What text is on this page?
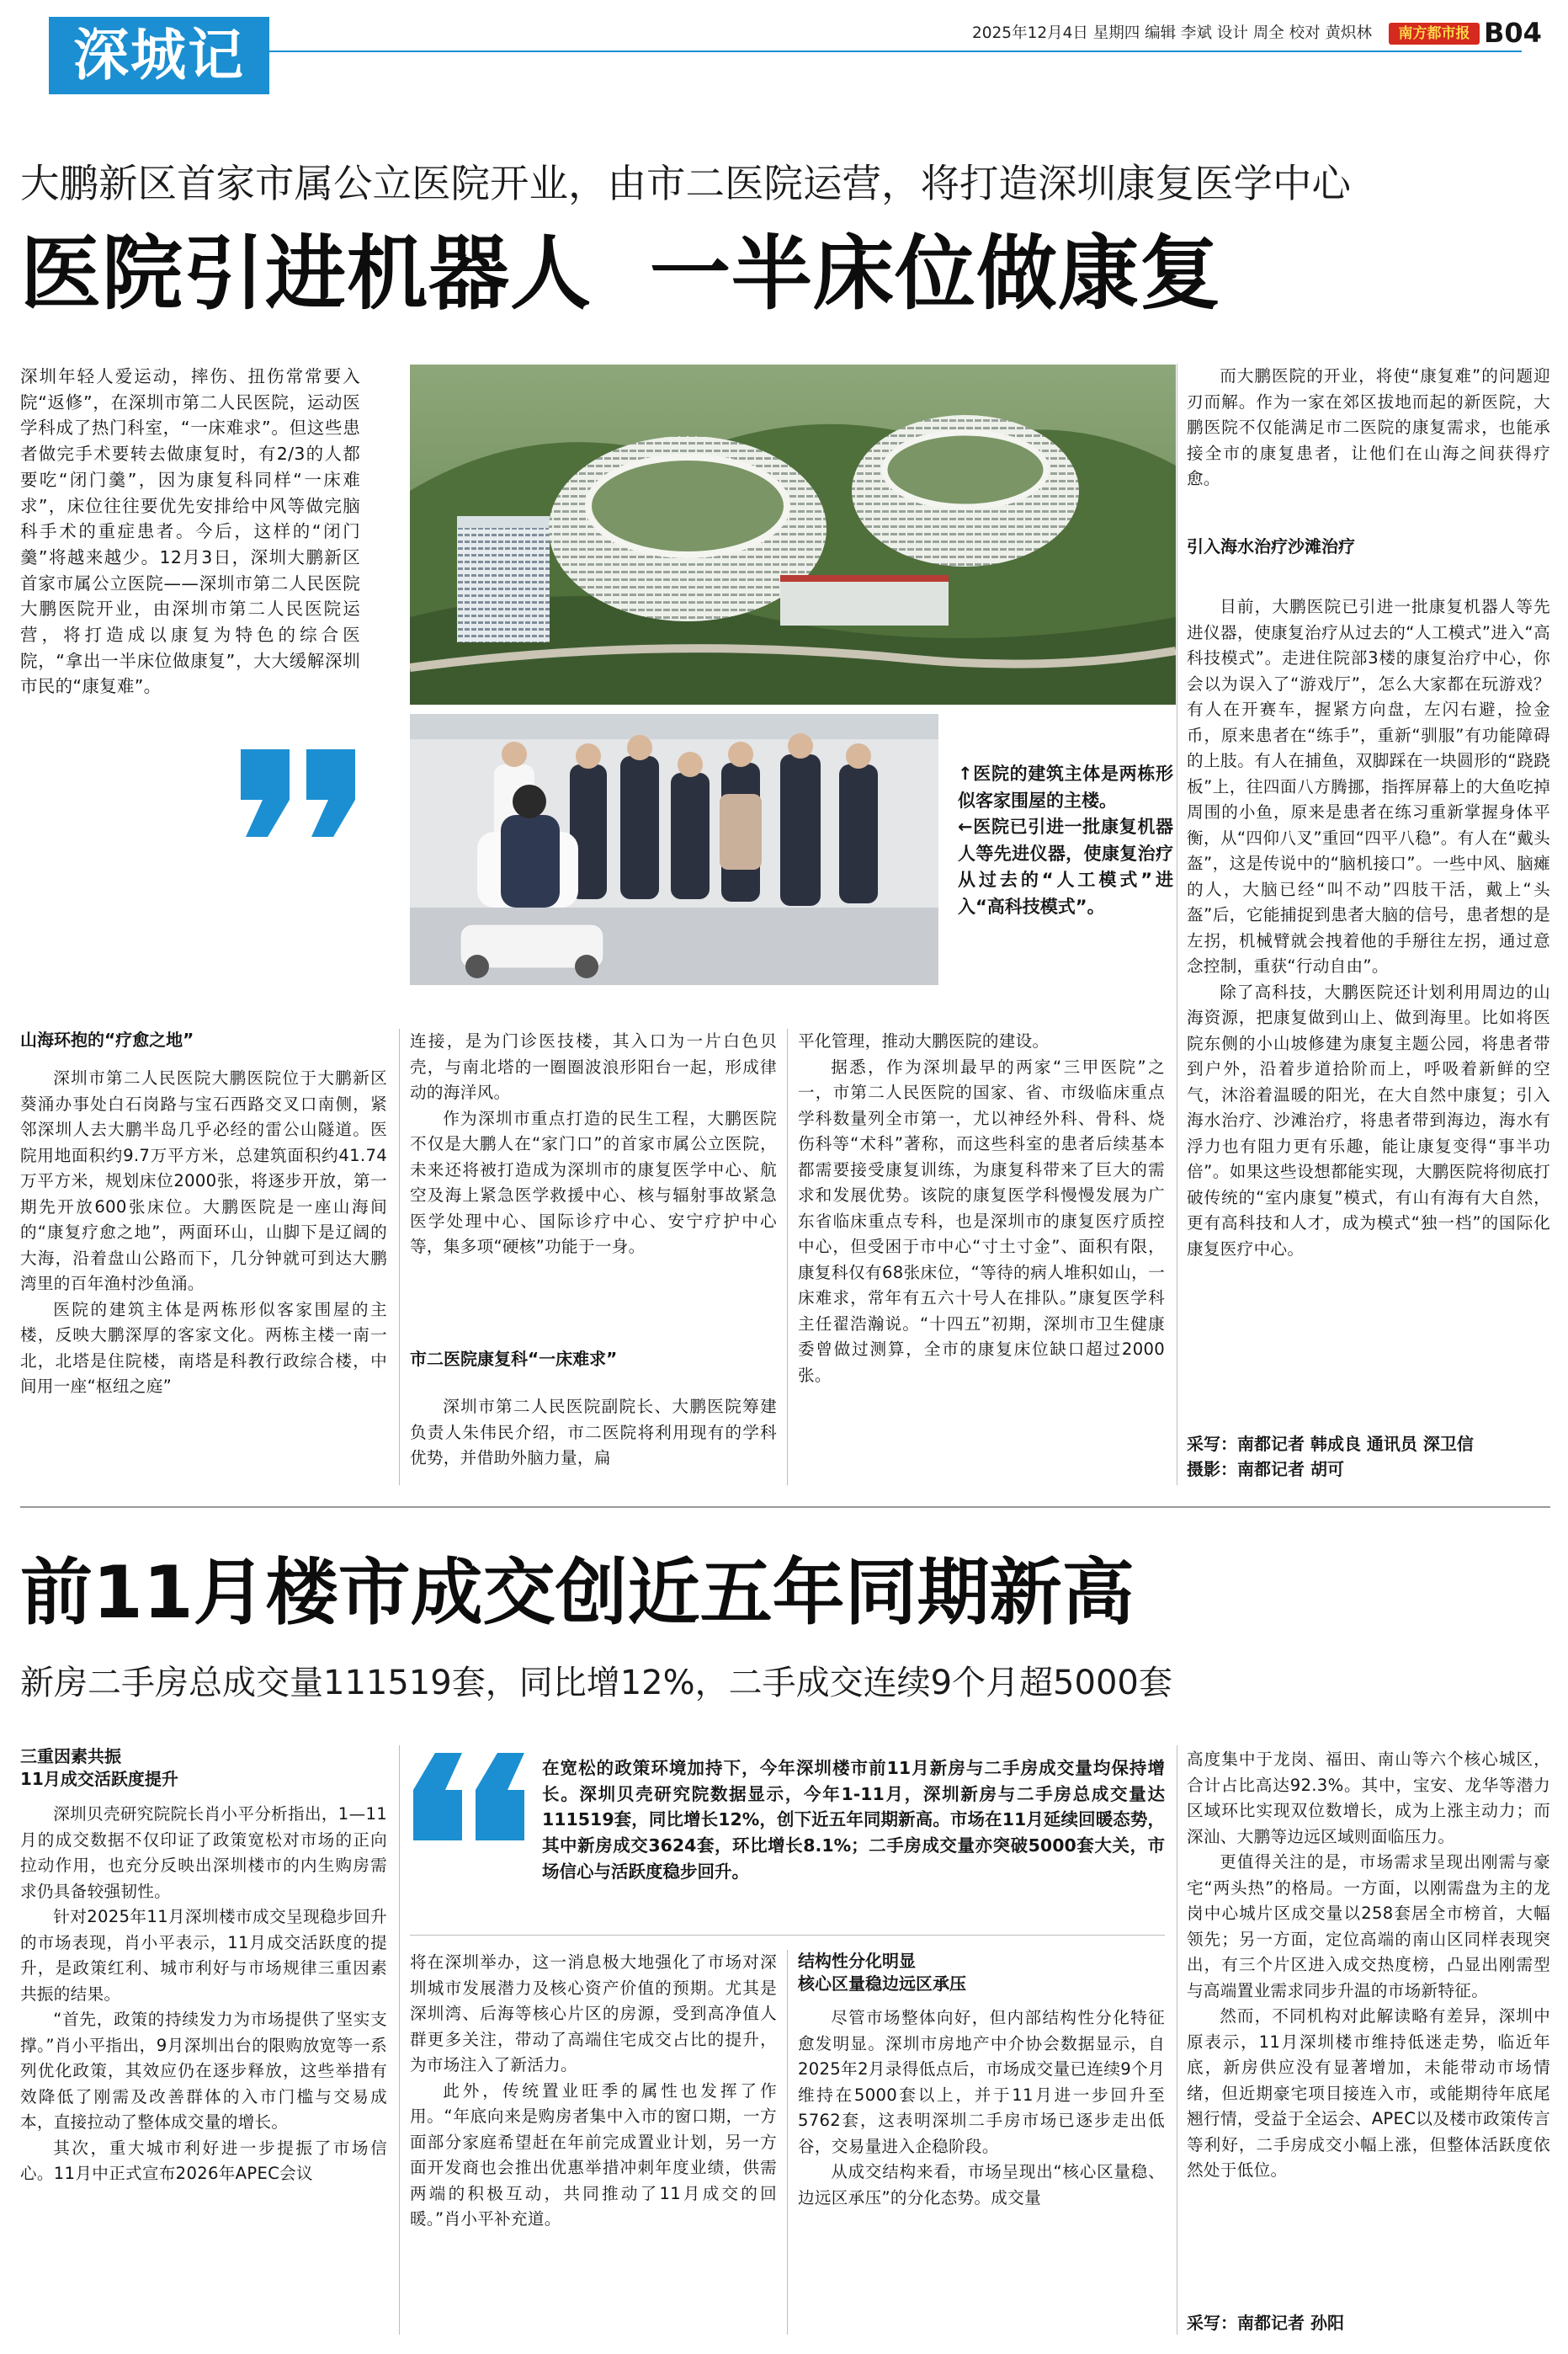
深城记	2025年12月4日 星期四 编辑 李斌 设计 周全 校对 黄炽林	南方都市报 B04
大鹏新区首家市属公立医院开业，由市二医院运营，将打造深圳康复医学中心
医院引进机器人  一半床位做康复

深圳年轻人爱运动，摔伤、扭伤常常要入院“返修”，在深圳市第二人民医院，运动医学科成了热门科室，“一床难求”。但这些患者做完手术要转去做康复时，有2/3的人都要吃“闭门羹”，因为康复科同样“一床难求”，床位往往要优先安排给中风等做完脑科手术的重症患者。今后，这样的“闭门羹”将越来越少。12月3日，深圳大鹏新区首家市属公立医院——深圳市第二人民医院大鹏医院开业，由深圳市第二人民医院运营，将打造成以康复为特色的综合医院，“拿出一半床位做康复”，大大缓解深圳市民的“康复难”。

↑医院的建筑主体是两栋形似客家围屋的主楼。
←医院已引进一批康复机器人等先进仪器，使康复治疗从过去的“人工模式”进入“高科技模式”。
山海环抱的“疗愈之地”

深圳市第二人民医院大鹏医院位于大鹏新区葵涌办事处白石岗路与宝石西路交叉口南侧，紧邻深圳人去大鹏半岛几乎必经的雷公山隧道。医院用地面积约9.7万平方米，总建筑面积约41.74万平方米，规划床位2000张，将逐步开放，第一期先开放600张床位。大鹏医院是一座山海间的“康复疗愈之地”，两面环山，山脚下是辽阔的大海，沿着盘山公路而下，几分钟就可到达大鹏湾里的百年渔村沙鱼涌。

医院的建筑主体是两栋形似客家围屋的主楼，反映大鹏深厚的客家文化。两栋主楼一南一北，北塔是住院楼，南塔是科教行政综合楼，中间用一座“枢纽之庭”

连接，是为门诊医技楼，其入口为一片白色贝壳，与南北塔的一圈圈波浪形阳台一起，形成律动的海洋风。

作为深圳市重点打造的民生工程，大鹏医院不仅是大鹏人在“家门口”的首家市属公立医院，未来还将被打造成为深圳市的康复医学中心、航空及海上紧急医学救援中心、核与辐射事故紧急医学处理中心、国际诊疗中心、安宁疗护中心等，集多项“硬核”功能于一身。

市二医院康复科“一床难求”

深圳市第二人民医院副院长、大鹏医院筹建负责人朱伟民介绍，市二医院将利用现有的学科优势，并借助外脑力量，扁

平化管理，推动大鹏医院的建设。

据悉，作为深圳最早的两家“三甲医院”之一，市第二人民医院的国家、省、市级临床重点学科数量列全市第一，尤以神经外科、骨科、烧伤科等“术科”著称，而这些科室的患者后续基本都需要接受康复训练，为康复科带来了巨大的需求和发展优势。该院的康复医学科慢慢发展为广东省临床重点专科，也是深圳市的康复医疗质控中心，但受困于市中心“寸土寸金”、面积有限，康复科仅有68张床位，“等待的病人堆积如山，一床难求，常年有五六十号人在排队。”康复医学科主任翟浩瀚说。“十四五”初期，深圳市卫生健康委曾做过测算，全市的康复床位缺口超过2000张。

而大鹏医院的开业，将使“康复难”的问题迎刃而解。作为一家在郊区拔地而起的新医院，大鹏医院不仅能满足市二医院的康复需求，也能承接全市的康复患者，让他们在山海之间获得疗愈。

引入海水治疗沙滩治疗

目前，大鹏医院已引进一批康复机器人等先进仪器，使康复治疗从过去的“人工模式”进入“高科技模式”。走进住院部3楼的康复治疗中心，你会以为误入了“游戏厅”，怎么大家都在玩游戏？有人在开赛车，握紧方向盘，左闪右避，捡金币，原来患者在“练手”，重新“驯服”有功能障碍的上肢。有人在捕鱼，双脚踩在一块圆形的“跷跷板”上，往四面八方腾挪，指挥屏幕上的大鱼吃掉周围的小鱼，原来是患者在练习重新掌握身体平衡，从“四仰八叉”重回“四平八稳”。有人在“戴头盔”，这是传说中的“脑机接口”。一些中风、脑瘫的人，大脑已经“叫不动”四肢干活，戴上“头盔”后，它能捕捉到患者大脑的信号，患者想的是左拐，机械臂就会拽着他的手掰往左拐，通过意念控制，重获“行动自由”。

除了高科技，大鹏医院还计划利用周边的山海资源，把康复做到山上、做到海里。比如将医院东侧的小山坡修建为康复主题公园，将患者带到户外，沿着步道拾阶而上，呼吸着新鲜的空气，沐浴着温暖的阳光，在大自然中康复；引入海水治疗、沙滩治疗，将患者带到海边，海水有浮力也有阻力更有乐趣，能让康复变得“事半功倍”。如果这些设想都能实现，大鹏医院将彻底打破传统的“室内康复”模式，有山有海有大自然，更有高科技和人才，成为模式“独一档”的国际化康复医疗中心。

采写：南都记者 韩成良 通讯员 深卫信
摄影：南都记者 胡可
前11月楼市成交创近五年同期新高
新房二手房总成交量111519套，同比增12%，二手成交连续9个月超5000套
三重因素共振
11月成交活跃度提升

深圳贝壳研究院院长肖小平分析指出，1—11月的成交数据不仅印证了政策宽松对市场的正向拉动作用，也充分反映出深圳楼市的内生购房需求仍具备较强韧性。

针对2025年11月深圳楼市成交呈现稳步回升的市场表现，肖小平表示，11月成交活跃度的提升，是政策红利、城市利好与市场规律三重因素共振的结果。

“首先，政策的持续发力为市场提供了坚实支撑。”肖小平指出，9月深圳出台的限购放宽等一系列优化政策，其效应仍在逐步释放，这些举措有效降低了刚需及改善群体的入市门槛与交易成本，直接拉动了整体成交量的增长。

其次，重大城市利好进一步提振了市场信心。11月中正式宣布2026年APEC会议

在宽松的政策环境加持下，今年深圳楼市前11月新房与二手房成交量均保持增长。深圳贝壳研究院数据显示，今年1-11月，深圳新房与二手房总成交量达111519套，同比增长12%，创下近五年同期新高。市场在11月延续回暖态势，其中新房成交3624套，环比增长8.1%；二手房成交量亦突破5000套大关，市场信心与活跃度稳步回升。

将在深圳举办，这一消息极大地强化了市场对深圳城市发展潜力及核心资产价值的预期。尤其是深圳湾、后海等核心片区的房源，受到高净值人群更多关注，带动了高端住宅成交占比的提升，为市场注入了新活力。

此外，传统置业旺季的属性也发挥了作用。“年底向来是购房者集中入市的窗口期，一方面部分家庭希望赶在年前完成置业计划，另一方面开发商也会推出优惠举措冲刺年度业绩，供需两端的积极互动，共同推动了11月成交的回暖。”肖小平补充道。

结构性分化明显
核心区量稳边远区承压

尽管市场整体向好，但内部结构性分化特征愈发明显。深圳市房地产中介协会数据显示，自2025年2月录得低点后，市场成交量已连续9个月维持在5000套以上，并于11月进一步回升至5762套，这表明深圳二手房市场已逐步走出低谷，交易量进入企稳阶段。

从成交结构来看，市场呈现出“核心区量稳、边远区承压”的分化态势。成交量

高度集中于龙岗、福田、南山等六个核心城区，合计占比高达92.3%。其中，宝安、龙华等潜力区域环比实现双位数增长，成为上涨主动力；而深汕、大鹏等边远区域则面临压力。

更值得关注的是，市场需求呈现出刚需与豪宅“两头热”的格局。一方面，以刚需盘为主的龙岗中心城片区成交量以258套居全市榜首，大幅领先；另一方面，定位高端的南山区同样表现突出，有三个片区进入成交热度榜，凸显出刚需型与高端置业需求同步升温的市场新特征。

然而，不同机构对此解读略有差异，深圳中原表示，11月深圳楼市维持低迷走势，临近年底，新房供应没有显著增加，未能带动市场情绪，但近期豪宅项目接连入市，或能期待年底尾翘行情，受益于全运会、APEC以及楼市政策传言等利好，二手房成交小幅上涨，但整体活跃度依然处于低位。

采写：南都记者 孙阳
